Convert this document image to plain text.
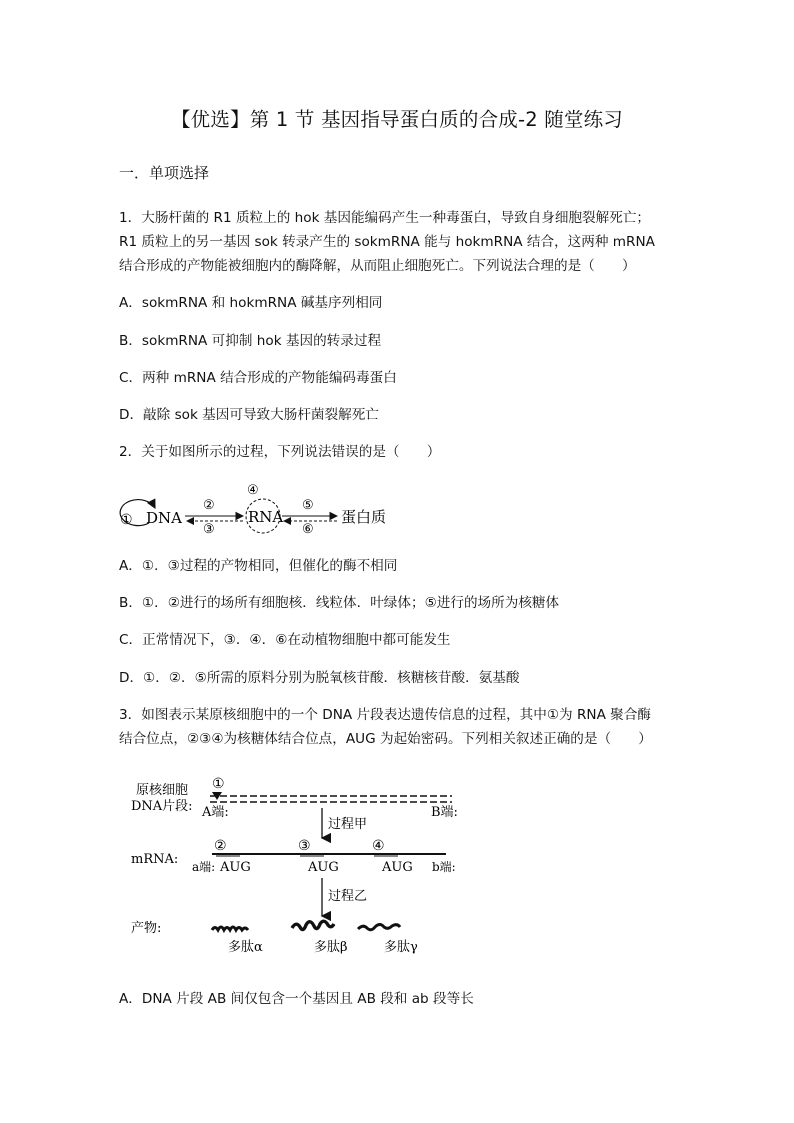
【优选】第 1 节 基因指导蛋白质的合成-2 随堂练习
一．单项选择
1．大肠杆菌的 R1 质粒上的 hok 基因能编码产生一种毒蛋白，导致自身细胞裂解死亡；
R1 质粒上的另一基因 sok 转录产生的 sokmRNA 能与 hokmRNA 结合，这两种 mRNA
结合形成的产物能被细胞内的酶降解，从而阻止细胞死亡。下列说法合理的是（　　）
A．sokmRNA 和 hokmRNA 碱基序列相同
B．sokmRNA 可抑制 hok 基因的转录过程
C．两种 mRNA 结合形成的产物能编码毒蛋白
D．敲除 sok 基因可导致大肠杆菌裂解死亡
2．关于如图所示的过程，下列说法错误的是（　　）
① DNA
②
③
④
RNA
⑤
⑥
蛋白质
A．①．③过程的产物相同，但催化的酶不相同
B．①．②进行的场所有细胞核．线粒体．叶绿体；⑤进行的场所为核糖体
C．正常情况下，③．④．⑥在动植物细胞中都可能发生
D．①．②．⑤所需的原料分别为脱氧核苷酸．核糖核苷酸．氨基酸
3．如图表示某原核细胞中的一个 DNA 片段表达遗传信息的过程，其中①为 RNA 聚合酶
结合位点，②③④为核糖体结合位点，AUG 为起始密码。下列相关叙述正确的是（　　）
原核细胞
DNA片段:
①
A端:	B端:
过程甲
mRNA:
②	③	④
a端: AUG	AUG	AUG b端:
过程乙
产物:
多肽α	多肽β	多肽γ
A．DNA 片段 AB 间仅包含一个基因且 AB 段和 ab 段等长
